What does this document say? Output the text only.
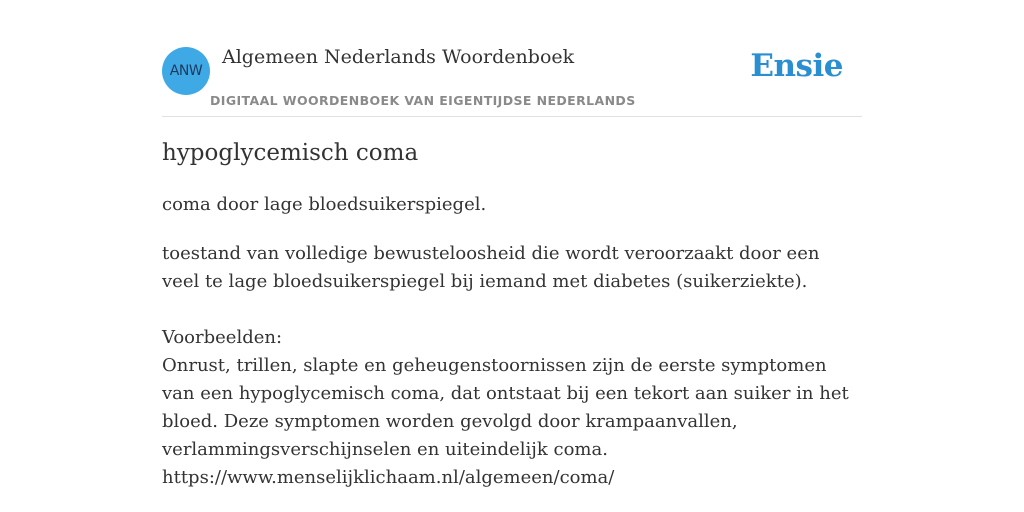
ANW
Algemeen Nederlands Woordenboek
DIGITAAL WOORDENBOEK VAN EIGENTIJDSE NEDERLANDS
Ensie
hypoglycemisch coma
coma door lage bloedsuikerspiegel.

toestand van volledige bewusteloosheid die wordt veroorzaakt door een veel te lage bloedsuikerspiegel bij iemand met diabetes (suikerziekte).

Voorbeelden:

Onrust, trillen, slapte en geheugenstoornissen zijn de eerste symptomen van een hypoglycemisch coma, dat ontstaat bij een tekort aan suiker in het bloed. Deze symptomen worden gevolgd door krampaanvallen, verlammingsverschijnselen en uiteindelijk coma.

https://www.menselijklichaam.nl/algemeen/coma/
